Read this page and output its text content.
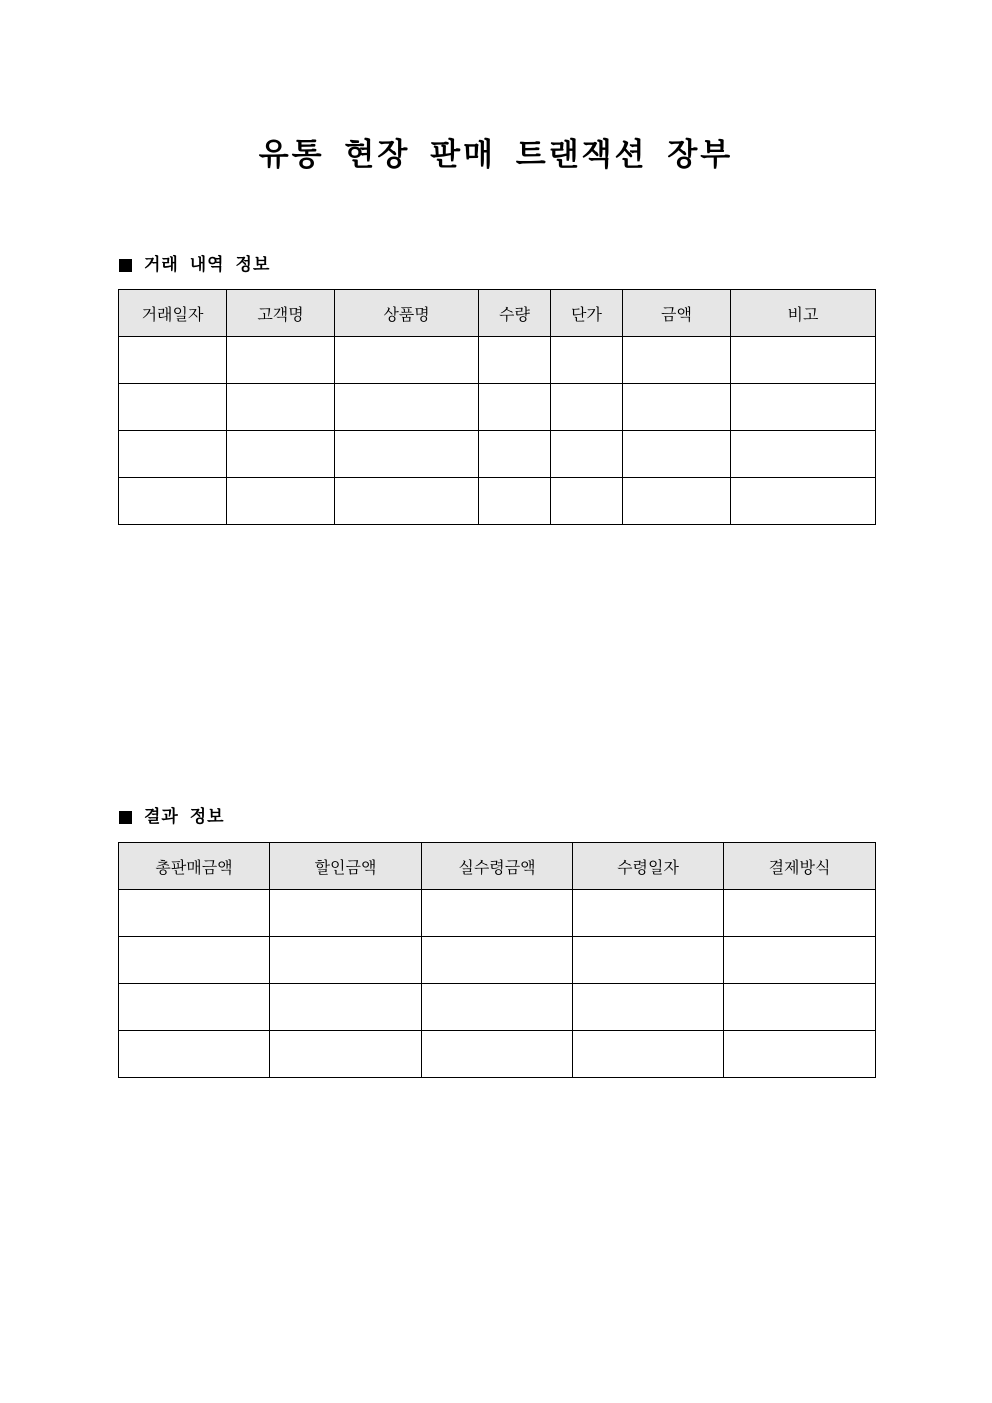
유통 현장 판매 트랜잭션 장부
거래 내역 정보
거래일자	고객명	상품명	수량	단가	금액	비고

결과 정보
총판매금액	할인금액	실수령금액	수령일자	결제방식
